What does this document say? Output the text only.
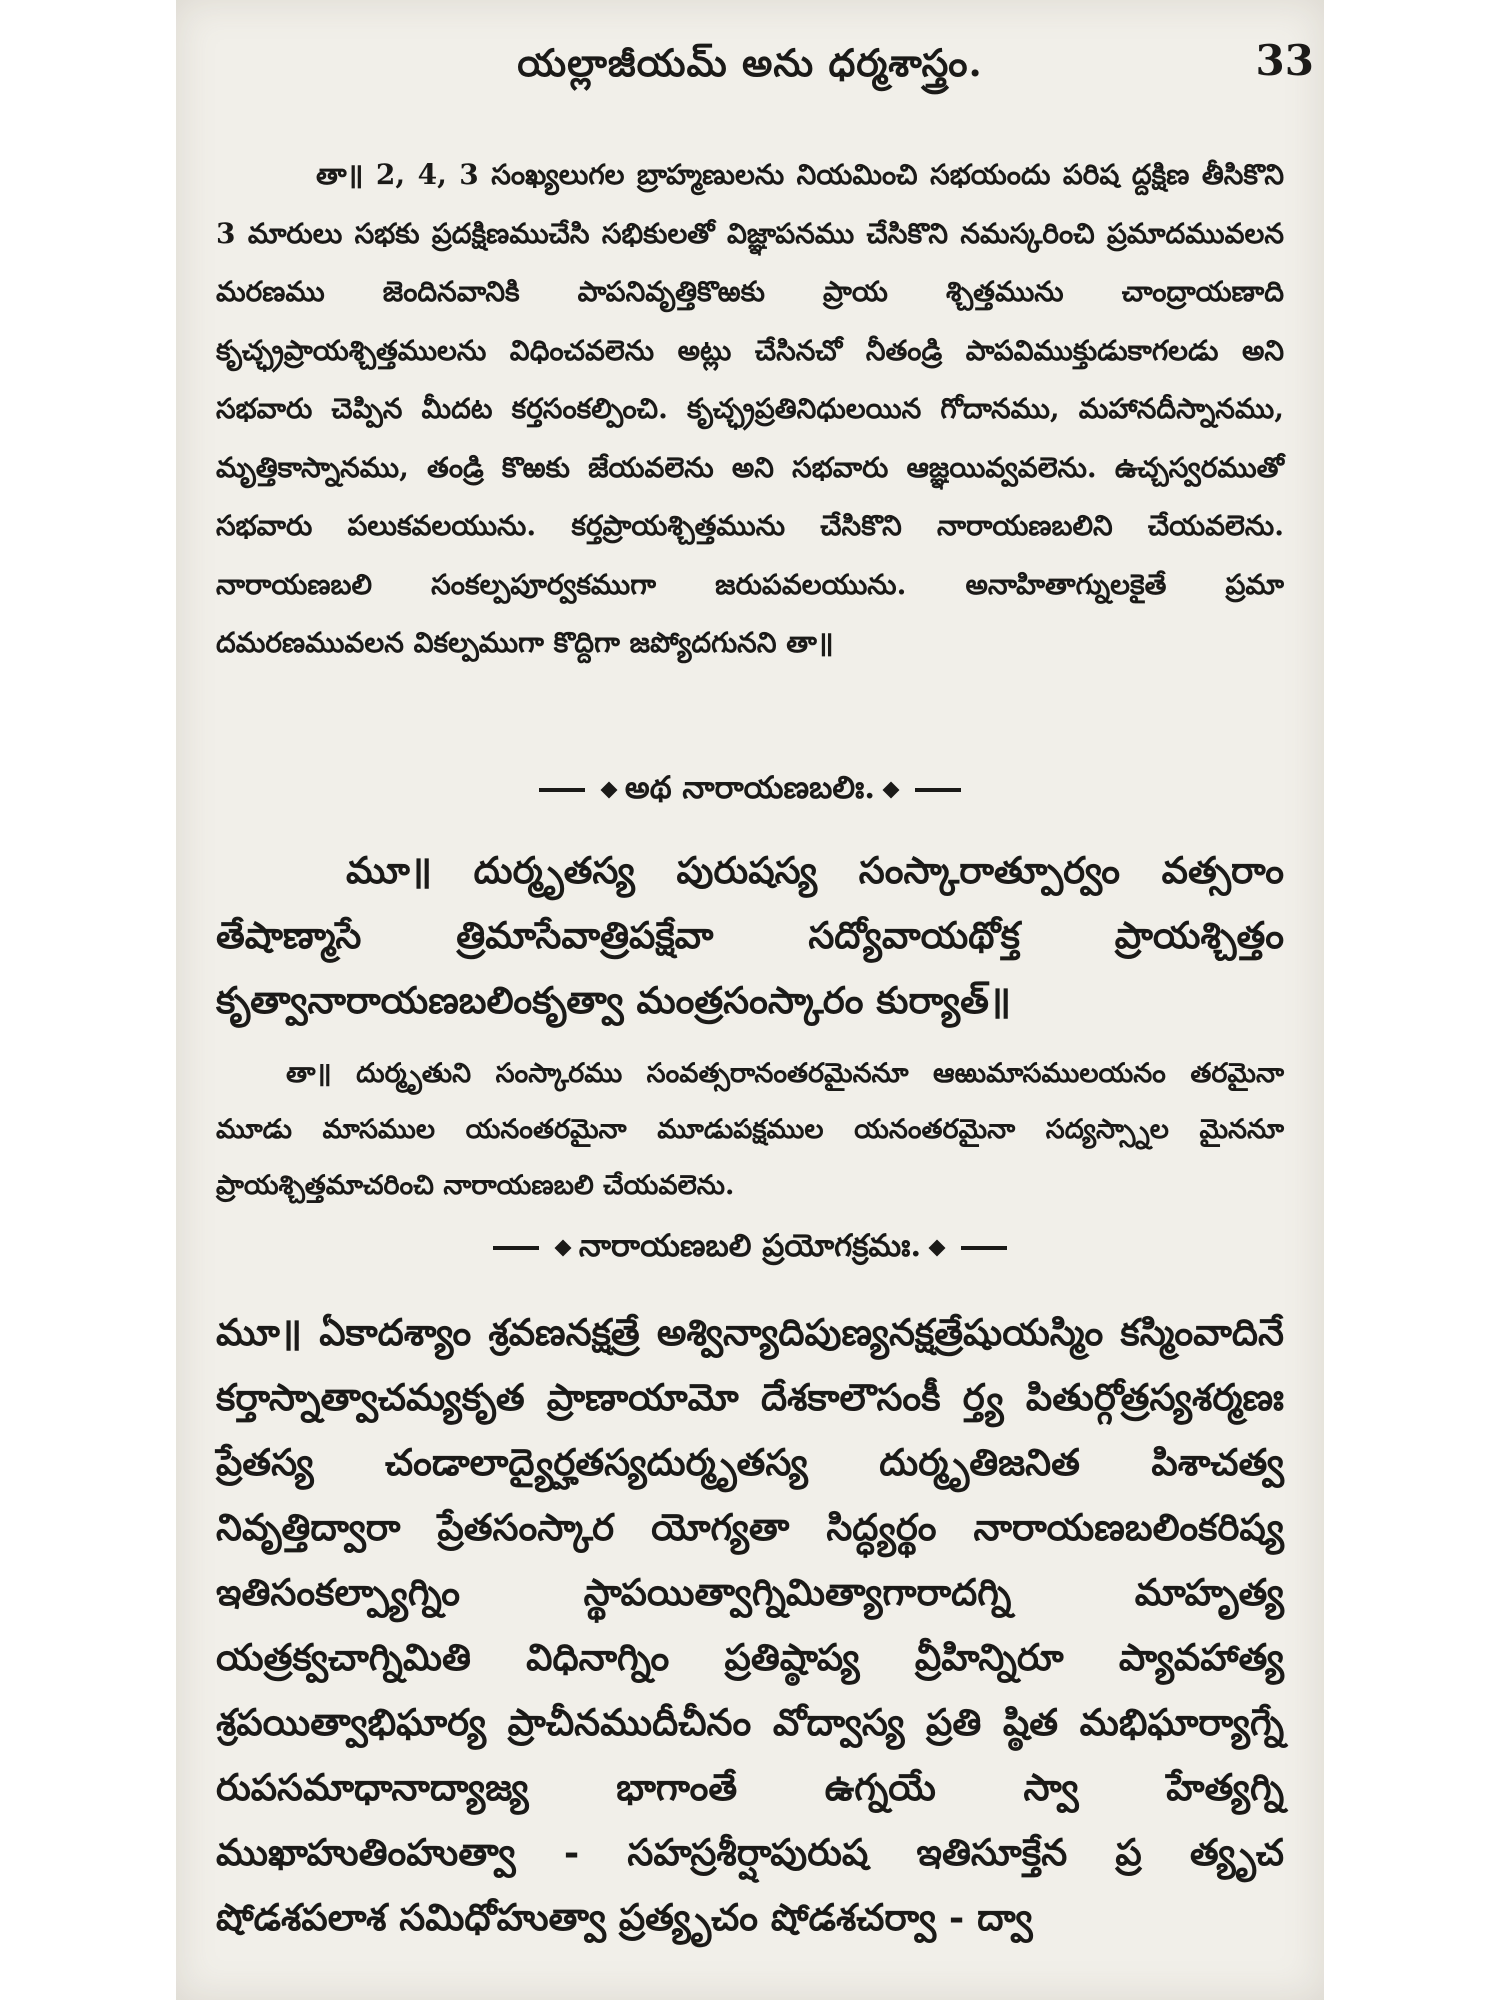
యల్లాజీయమ్ అను ధర్మశాస్త్రం.	33

తా॥ 2, 4, 3 సంఖ్యలుగల బ్రాహ్మణులను నియమించి సభయందు పరిష ద్దక్షిణ తీసికొని 3 మారులు సభకు ప్రదక్షిణముచేసి సభికులతో విజ్ఞాపనము చేసికొని నమస్కరించి ప్రమాదమువలన మరణము జెందినవానికి పాపనివృత్తికొఱకు ప్రాయ శ్చిత్తమును చాంద్రాయణాది కృచ్ఛ్రప్రాయశ్చిత్తములను విధించవలెను అట్లు చేసినచో నీతండ్రి పాపవిముక్తుడుకాగలడు అని సభవారు చెప్పిన మీదట కర్తసంకల్పించి. కృచ్ఛ్రప్రతినిధులయిన గోదానము, మహానదీస్నానము, మృత్తికాస్నానము, తండ్రి కొఱకు జేయవలెను అని సభవారు ఆజ్ఞయివ్వవలెను. ఉచ్చస్వరముతో సభవారు పలుకవలయును. కర్తప్రాయశ్చిత్తమును చేసికొని నారాయణబలిని చేయవలెను. నారాయణబలి సంకల్పపూర్వకముగా జరుపవలయును. అనాహితాగ్నులకైతే ప్రమా దమరణమువలన వికల్పముగా కొద్దిగా జప్యోదగునని తా॥

అథ నారాయణబలిః.

మూ॥ దుర్మృతస్య పురుషస్య సంస్కారాత్పూర్వం వత్సరాం తేషాణ్మాసే త్రిమాసేవాత్రిపక్షేవా సద్యోవాయథోక్త ప్రాయశ్చిత్తం కృత్వానారాయణబలింకృత్వా మంత్రసంస్కారం కుర్యాత్॥

తా॥ దుర్మృతుని సంస్కారము సంవత్సరానంతరమైననూ ఆఱుమాసములయనం తరమైనా మూడు మాసముల యనంతరమైనా మూడుపక్షముల యనంతరమైనా సద్యస్స్నాల మైననూ ప్రాయశ్చిత్తమాచరించి నారాయణబలి చేయవలెను.

నారాయణబలి ప్రయోగక్రమః.

మూ॥ ఏకాదశ్యాం శ్రవణనక్షత్రే అశ్విన్యాదిపుణ్యనక్షత్రేషుయస్మిం కస్మింవాదినే కర్తాస్నాత్వాచమ్యకృత ప్రాణాయామో దేశకాలౌసంకీ ర్త్య పితుర్గోత్రస్యశర్మణః ప్రేతస్య చండాలాద్యైర్హతస్యదుర్మృతస్య దుర్మృతిజనిత పిశాచత్వ నివృత్తిద్వారా ప్రేతసంస్కార యోగ్యతా సిద్ధ్యర్థం నారాయణబలింకరిష్య ఇతిసంకల్ప్యాగ్నిం స్థాపయిత్వాగ్నిమిత్యాగారాదగ్ని మాహృత్య యత్రక్వచాగ్నిమితి విధినాగ్నిం ప్రతిష్ఠాప్య వ్రీహిన్నిరూ ప్యావహాత్య శ్రపయిత్వాభిఘార్య ప్రాచీనముదీచీనం వోద్వాస్య ప్రతి ష్ఠిత మభిఘార్యాగ్నే రుపసమాధానాద్యాజ్య భాగాంతే ఉగ్నయే స్వా హేత్యగ్ని ముఖాహుతింహుత్వా - సహస్రశీర్షాపురుష ఇతిసూక్తేన ప్ర త్యృచ షోడశపలాశ సమిధోహుత్వా ప్రత్యృచం షోడశచర్వా - ద్వా
